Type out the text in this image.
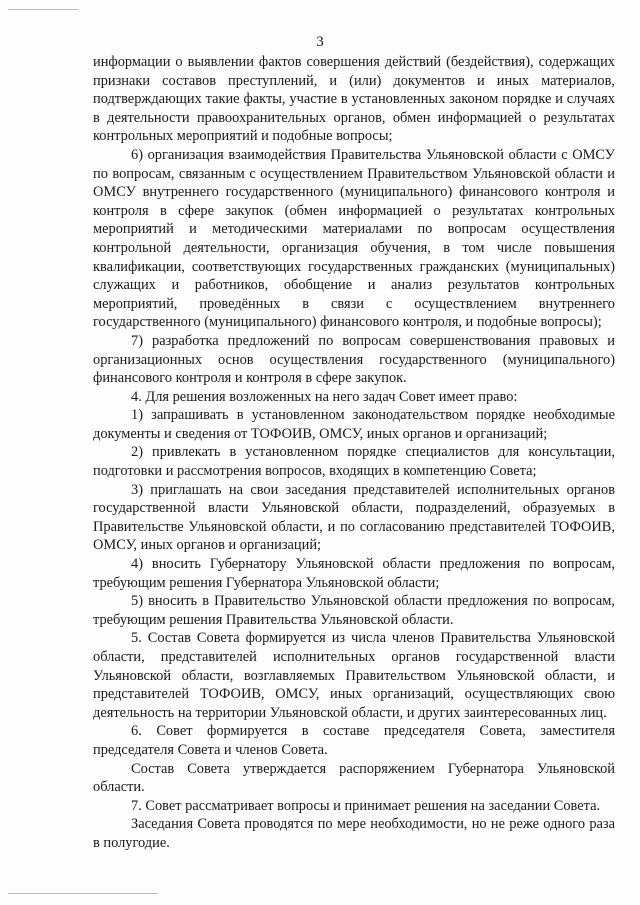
3

информации о выявлении фактов совершения действий (бездействия), содержащих признаки составов преступлений, и (или) документов и иных материалов, подтверждающих такие факты, участие в установленных законом порядке и случаях в деятельности правоохранительных органов, обмен информацией о результатах контрольных мероприятий и подобные вопросы;

6) организация взаимодействия Правительства Ульяновской области с ОМСУ по вопросам, связанным с осуществлением Правительством Ульяновской области и ОМСУ внутреннего государственного (муниципального) финансового контроля и контроля в сфере закупок (обмен информацией о результатах контрольных мероприятий и методическими материалами по вопросам осуществления контрольной деятельности, организация обучения, в том числе повышения квалификации, соответствующих государственных гражданских (муниципальных) служащих и работников, обобщение и анализ результатов контрольных мероприятий, проведённых в связи с осуществлением внутреннего государственного (муниципального) финансового контроля, и подобные вопросы);

7) разработка предложений по вопросам совершенствования правовых и организационных основ осуществления государственного (муниципального) финансового контроля и контроля в сфере закупок.

4. Для решения возложенных на него задач Совет имеет право:

1) запрашивать в установленном законодательством порядке необходимые документы и сведения от ТОФОИВ, ОМСУ, иных органов и организаций;

2) привлекать в установленном порядке специалистов для консультации, подготовки и рассмотрения вопросов, входящих в компетенцию Совета;

3) приглашать на свои заседания представителей исполнительных органов государственной власти Ульяновской области, подразделений, образуемых в Правительстве Ульяновской области, и по согласованию представителей ТОФОИВ, ОМСУ, иных органов и организаций;

4) вносить Губернатору Ульяновской области предложения по вопросам, требующим решения Губернатора Ульяновской области;

5) вносить в Правительство Ульяновской области предложения по вопросам, требующим решения Правительства Ульяновской области.

5. Состав Совета формируется из числа членов Правительства Ульяновской области, представителей исполнительных органов государственной власти Ульяновской области, возглавляемых Правительством Ульяновской области, и представителей ТОФОИВ, ОМСУ, иных организаций, осуществляющих свою деятельность на территории Ульяновской области, и других заинтересованных лиц.

6. Совет формируется в составе председателя Совета, заместителя председателя Совета и членов Совета.

Состав Совета утверждается распоряжением Губернатора Ульяновской области.

7. Совет рассматривает вопросы и принимает решения на заседании Совета.

Заседания Совета проводятся по мере необходимости, но не реже одного раза в полугодие.
